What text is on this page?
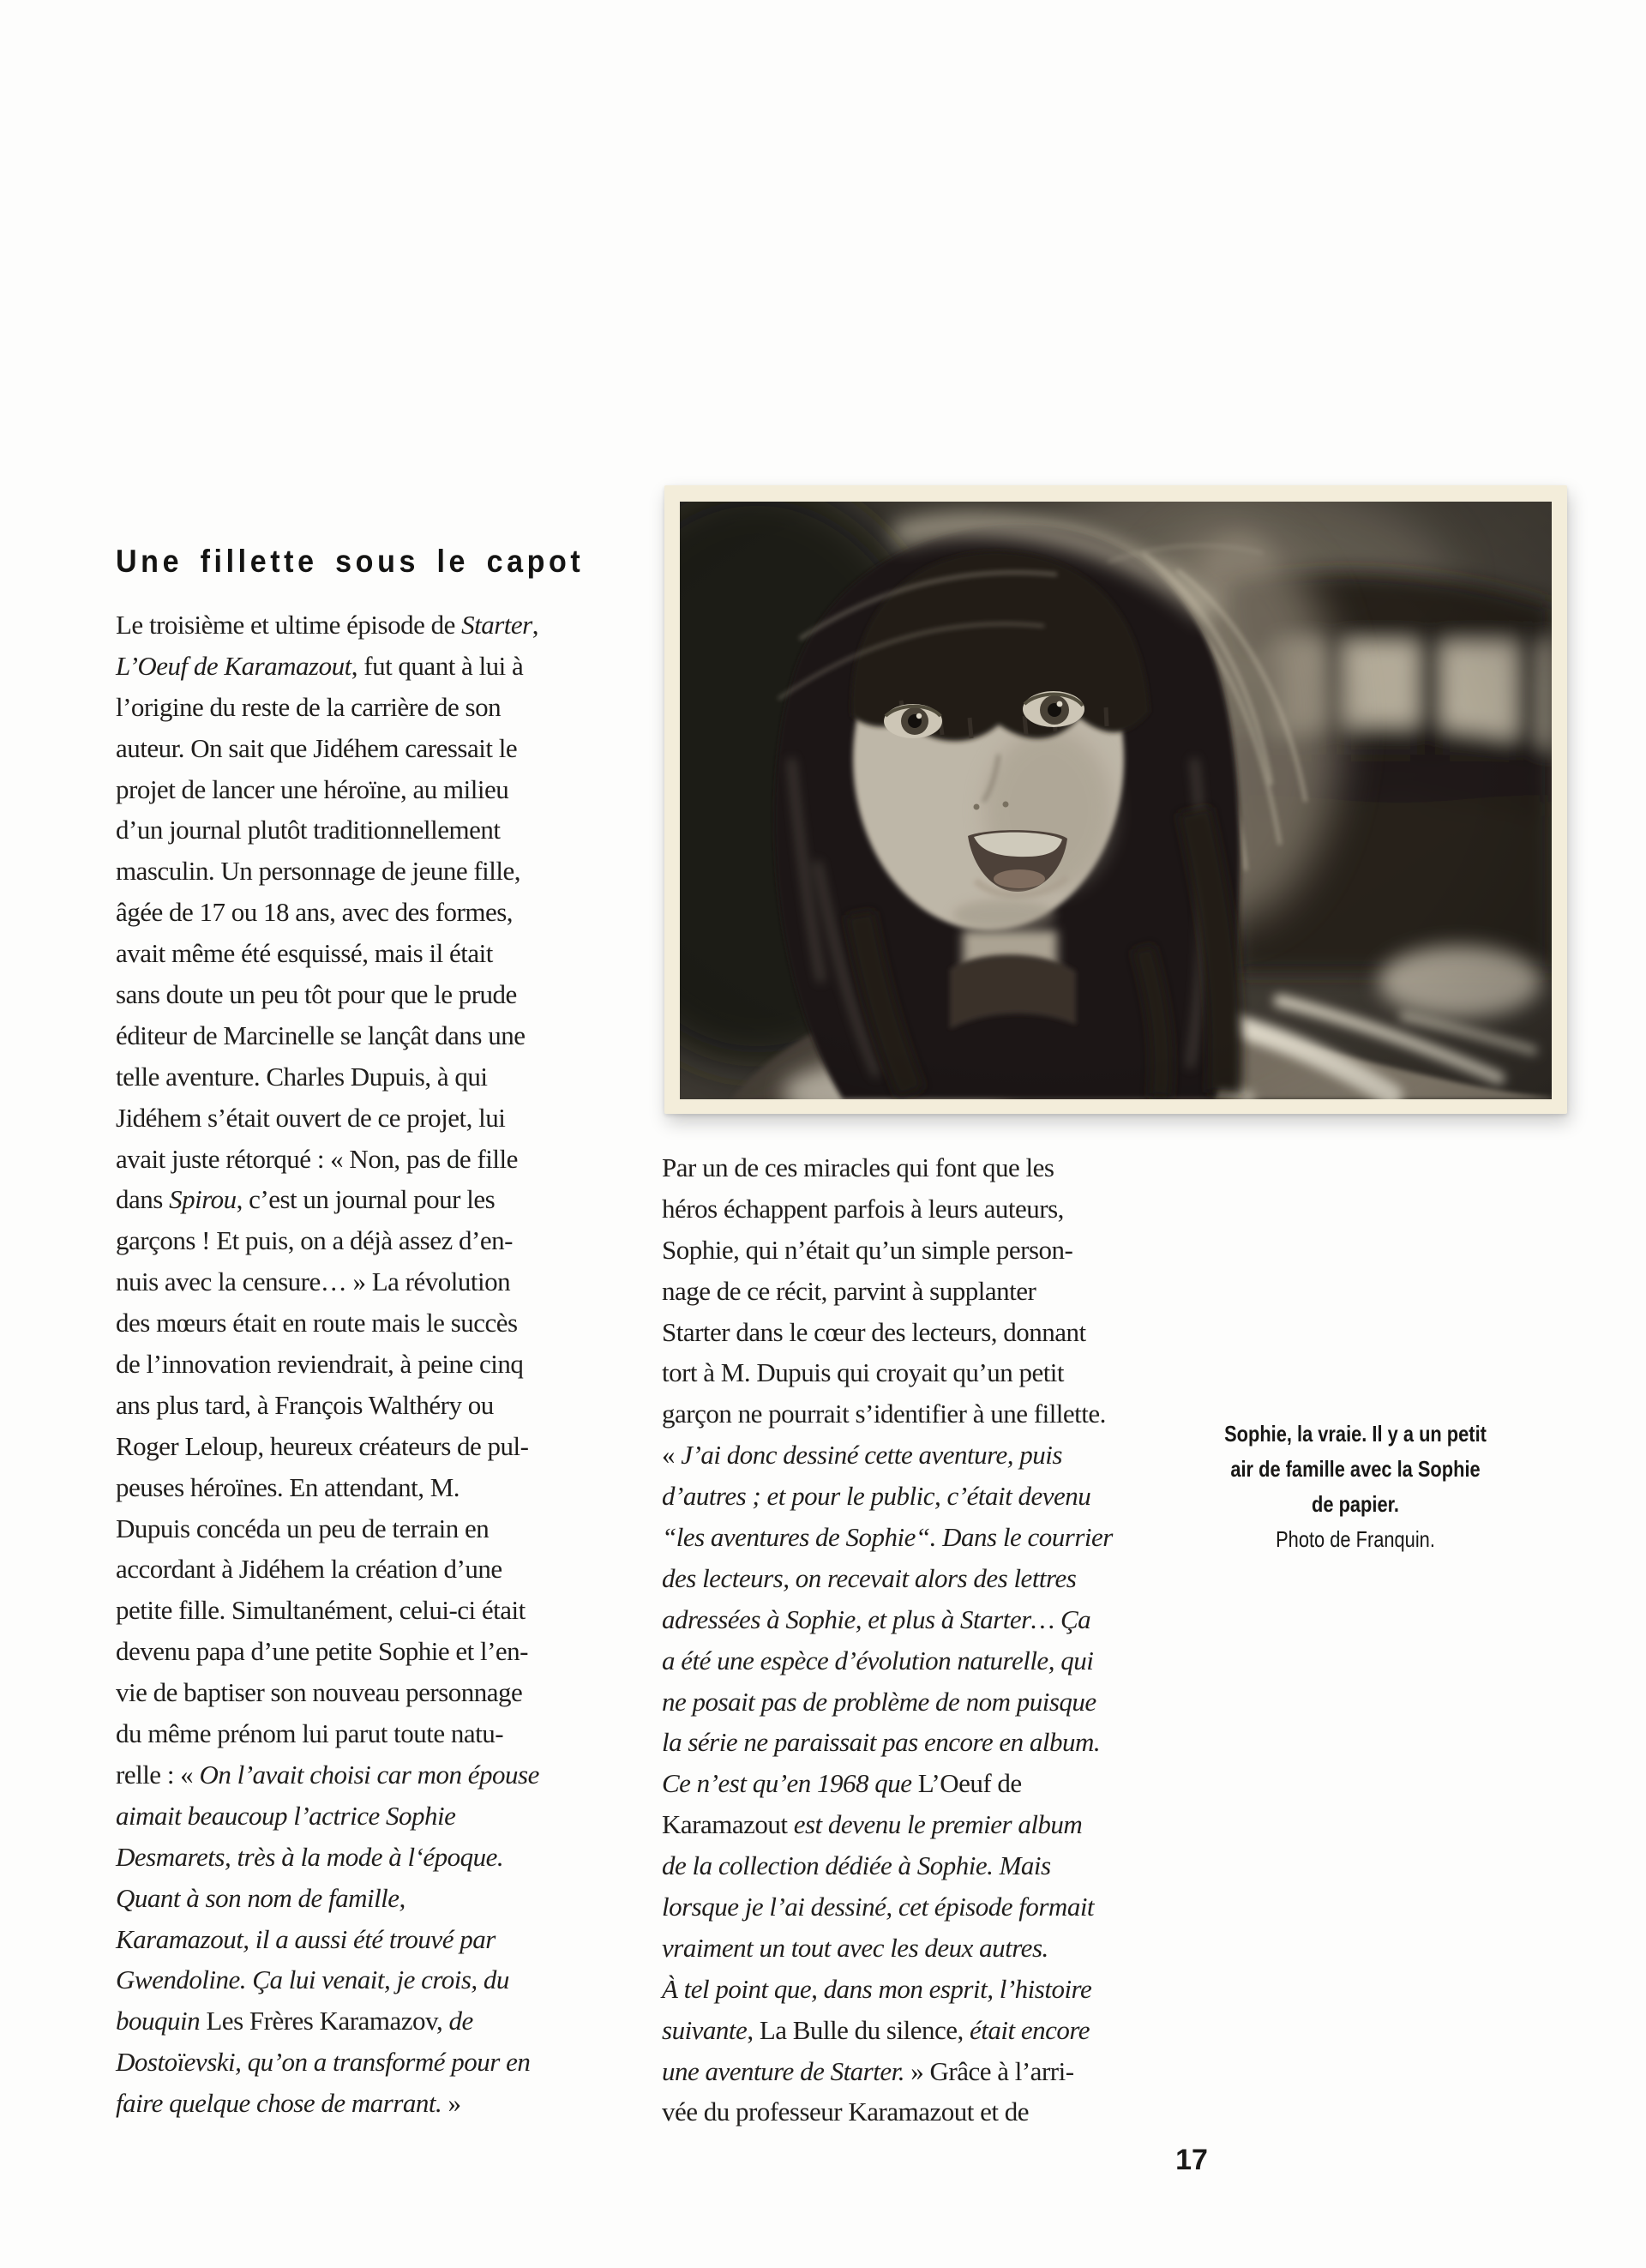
Une fillette sous le capot
Le troisième et ultime épisode de Starter,
L’Oeuf de Karamazout, fut quant à lui à
l’origine du reste de la carrière de son
auteur. On sait que Jidéhem caressait le
projet de lancer une héroïne, au milieu
d’un journal plutôt traditionnellement
masculin. Un personnage de jeune fille,
âgée de 17 ou 18 ans, avec des formes,
avait même été esquissé, mais il était
sans doute un peu tôt pour que le prude
éditeur de Marcinelle se lançât dans une
telle aventure. Charles Dupuis, à qui
Jidéhem s’était ouvert de ce projet, lui
avait juste rétorqué : « Non, pas de fille
dans Spirou, c’est un journal pour les
garçons ! Et puis, on a déjà assez d’en-
nuis avec la censure… » La révolution
des mœurs était en route mais le succès
de l’innovation reviendrait, à peine cinq
ans plus tard, à François Walthéry ou
Roger Leloup, heureux créateurs de pul-
peuses héroïnes. En attendant, M.
Dupuis concéda un peu de terrain en
accordant à Jidéhem la création d’une
petite fille. Simultanément, celui-ci était
devenu papa d’une petite Sophie et l’en-
vie de baptiser son nouveau personnage
du même prénom lui parut toute natu-
relle : « On l’avait choisi car mon épouse
aimait beaucoup l’actrice Sophie
Desmarets, très à la mode à l‘époque.
Quant à son nom de famille,
Karamazout, il a aussi été trouvé par
Gwendoline. Ça lui venait, je crois, du
bouquin Les Frères Karamazov, de
Dostoïevski, qu’on a transformé pour en
faire quelque chose de marrant. »
Par un de ces miracles qui font que les
héros échappent parfois à leurs auteurs,
Sophie, qui n’était qu’un simple person-
nage de ce récit, parvint à supplanter
Starter dans le cœur des lecteurs, donnant
tort à M. Dupuis qui croyait qu’un petit
garçon ne pourrait s’identifier à une fillette.
« J’ai donc dessiné cette aventure, puis
d’autres ; et pour le public, c’était devenu
“les aventures de Sophie“. Dans le courrier
des lecteurs, on recevait alors des lettres
adressées à Sophie, et plus à Starter… Ça
a été une espèce d’évolution naturelle, qui
ne posait pas de problème de nom puisque
la série ne paraissait pas encore en album.
Ce n’est qu’en 1968 que L’Oeuf de
Karamazout est devenu le premier album
de la collection dédiée à Sophie. Mais
lorsque je l’ai dessiné, cet épisode formait
vraiment un tout avec les deux autres.
À tel point que, dans mon esprit, l’histoire
suivante, La Bulle du silence, était encore
une aventure de Starter. » Grâce à l’arri-
vée du professeur Karamazout et de
Sophie, la vraie. Il y a un petit
air de famille avec la Sophie
de papier.
Photo de Franquin.
17
